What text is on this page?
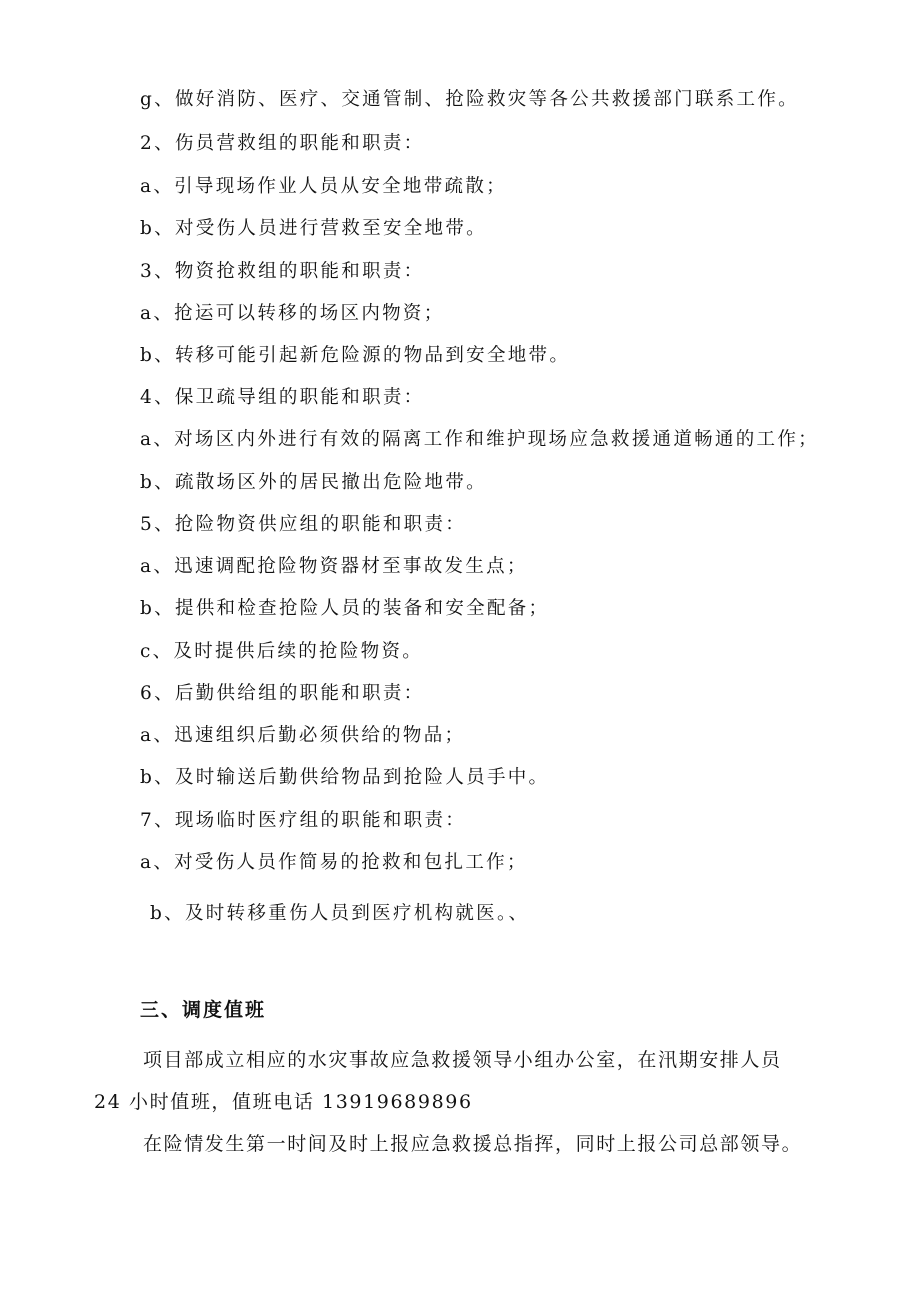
g、做好消防、医疗、交通管制、抢险救灾等各公共救援部门联系工作。
2、伤员营救组的职能和职责：
a、引导现场作业人员从安全地带疏散；
b、对受伤人员进行营救至安全地带。
3、物资抢救组的职能和职责：
a、抢运可以转移的场区内物资；
b、转移可能引起新危险源的物品到安全地带。
4、保卫疏导组的职能和职责：
a、对场区内外进行有效的隔离工作和维护现场应急救援通道畅通的工作；
b、疏散场区外的居民撤出危险地带。
5、抢险物资供应组的职能和职责：
a、迅速调配抢险物资器材至事故发生点；
b、提供和检查抢险人员的装备和安全配备；
c、及时提供后续的抢险物资。
6、后勤供给组的职能和职责：
a、迅速组织后勤必须供给的物品；
b、及时输送后勤供给物品到抢险人员手中。
7、现场临时医疗组的职能和职责：
a、对受伤人员作简易的抢救和包扎工作；
b、及时转移重伤人员到医疗机构就医。、
三、调度值班
项目部成立相应的水灾事故应急救援领导小组办公室，在汛期安排人员
24 小时值班，值班电话 13919689896
在险情发生第一时间及时上报应急救援总指挥，同时上报公司总部领导。
